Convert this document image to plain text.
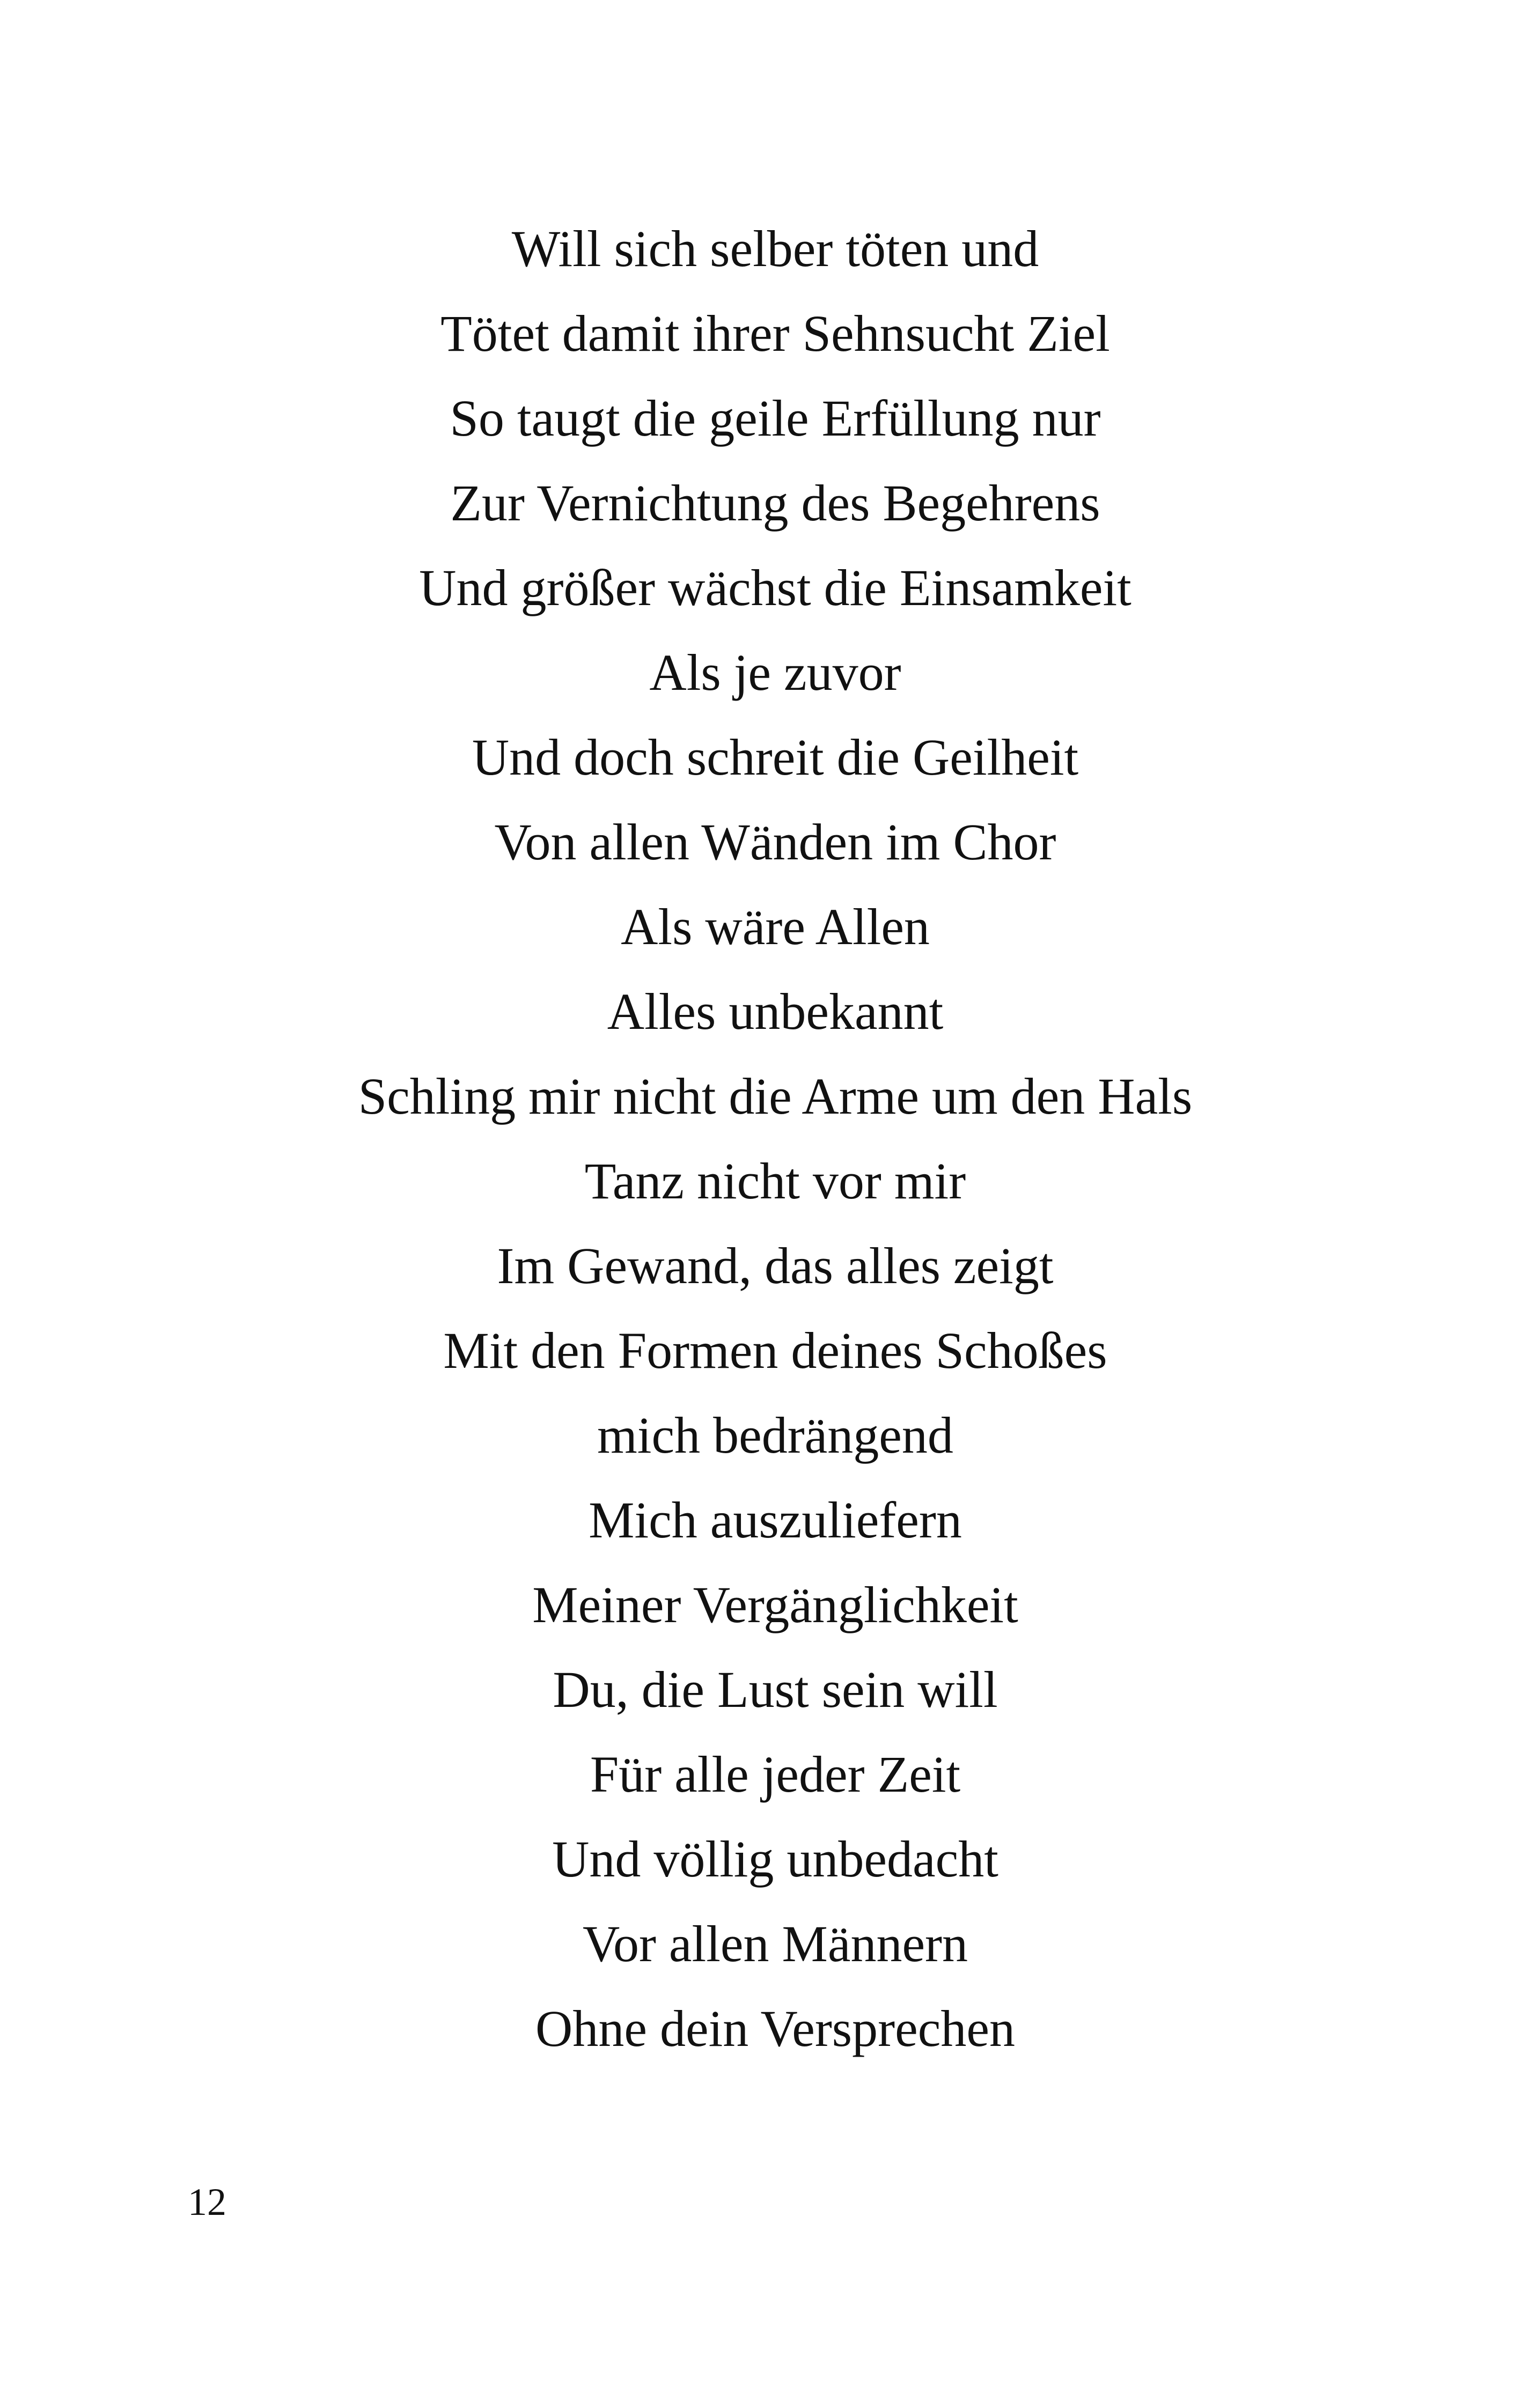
Will sich selber töten und
Tötet damit ihrer Sehnsucht Ziel
So taugt die geile Erfüllung nur
Zur Vernichtung des Begehrens
Und größer wächst die Einsamkeit
Als je zuvor
Und doch schreit die Geilheit
Von allen Wänden im Chor
Als wäre Allen
Alles unbekannt
Schling mir nicht die Arme um den Hals
Tanz nicht vor mir
Im Gewand, das alles zeigt
Mit den Formen deines Schoßes
mich bedrängend
Mich auszuliefern
Meiner Vergänglichkeit
Du, die Lust sein will
Für alle jeder Zeit
Und völlig unbedacht
Vor allen Männern
Ohne dein Versprechen
12
